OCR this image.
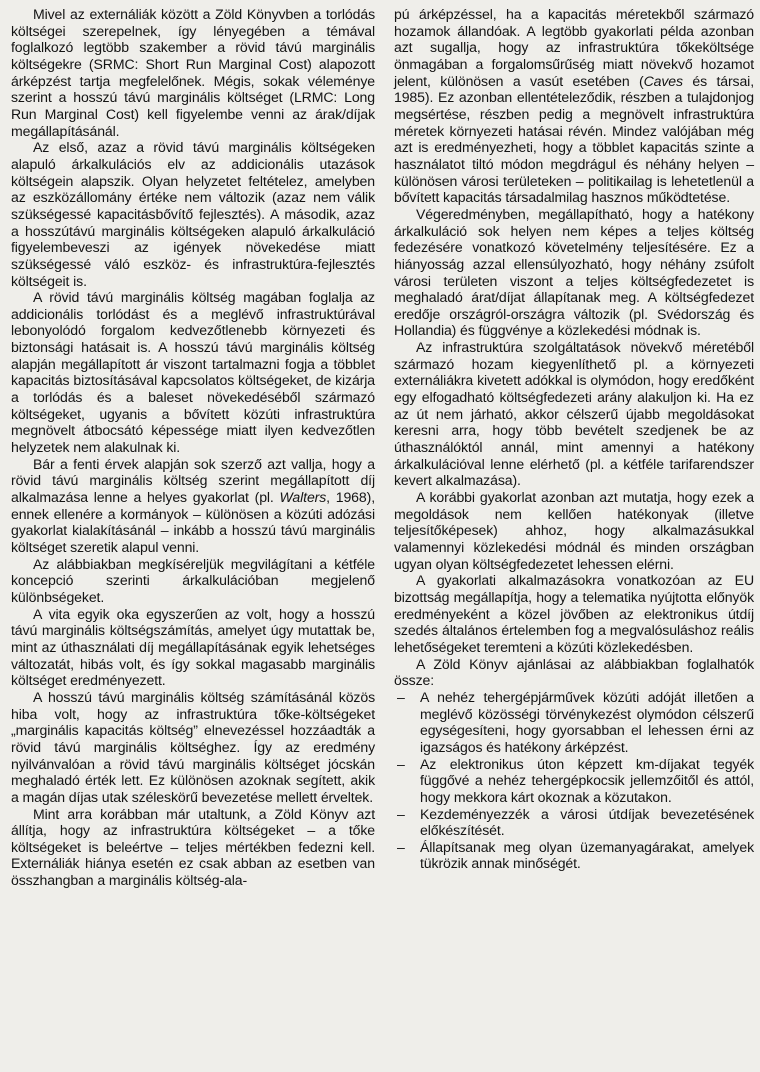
Mivel az externáliák között a Zöld Könyvben a torlódás költségei szerepelnek, így lényegében a témával foglalkozó legtöbb szakember a rövid távú marginális költségekre (SRMC: Short Run Marginal Cost) alapozott árképzést tartja megfelelőnek. Mégis, sokak véleménye szerint a hosszú távú marginális költséget (LRMC: Long Run Marginal Cost) kell figyelembe venni az árak/díjak megállapításánál.

Az első, azaz a rövid távú marginális költségeken alapuló árkalkulációs elv az addicionális utazások költségein alapszik. Olyan helyzetet feltételez, amelyben az eszközállomány értéke nem változik (azaz nem válik szükségessé kapacitásbővítő fejlesztés). A második, azaz a hosszútávú marginális költségeken alapuló árkalkuláció figyelembeveszi az igények növekedése miatt szükségessé váló eszköz- és infrastruktúra-fejlesztés költségeit is.

A rövid távú marginális költség magában foglalja az addicionális torlódást és a meglévő infrastruktúrával lebonyolódó forgalom kedvezőtlenebb környezeti és biztonsági hatásait is. A hosszú távú marginális költség alapján megállapított ár viszont tartalmazni fogja a többlet kapacitás biztosításával kapcsolatos költségeket, de kizárja a torlódás és a baleset növekedéséből származó költségeket, ugyanis a bővített közúti infrastruktúra megnövelt átbocsátó képessége miatt ilyen kedvezőtlen helyzetek nem alakulnak ki.

Bár a fenti érvek alapján sok szerző azt vallja, hogy a rövid távú marginális költség szerint megállapított díj alkalmazása lenne a helyes gyakorlat (pl. Walters, 1968), ennek ellenére a kormányok – különösen a közúti adózási gyakorlat kialakításánál – inkább a hosszú távú marginális költséget szeretik alapul venni.

Az alábbiakban megkíséreljük megvilágítani a kétféle koncepció szerinti árkalkulációban megjelenő különbségeket.

A vita egyik oka egyszerűen az volt, hogy a hosszú távú marginális költségszámítás, amelyet úgy mutattak be, mint az úthasználati díj megállapításának egyik lehetséges változatát, hibás volt, és így sokkal magasabb marginális költséget eredményezett.

A hosszú távú marginális költség számításánál közös hiba volt, hogy az infrastruktúra tőke-költségeket „marginális kapacitás költség” elnevezéssel hozzáadták a rövid távú marginális költséghez. Így az eredmény nyilvánvalóan a rövid távú marginális költséget jócskán meghaladó érték lett. Ez különösen azoknak segített, akik a magán díjas utak széleskörű bevezetése mellett érveltek.

Mint arra korábban már utaltunk, a Zöld Könyv azt állítja, hogy az infrastruktúra költségeket – a tőke költségeket is beleértve – teljes mértékben fedezni kell. Externáliák hiánya esetén ez csak abban az esetben van összhangban a marginális költség-ala-

pú árképzéssel, ha a kapacitás méretekből származó hozamok állandóak. A legtöbb gyakorlati példa azonban azt sugallja, hogy az infrastruktúra tőkeköltsége önmagában a forgalomsűrűség miatt növekvő hozamot jelent, különösen a vasút esetében (Caves és társai, 1985). Ez azonban ellentételeződik, részben a tulajdonjog megsértése, részben pedig a megnövelt infrastruktúra méretek környezeti hatásai révén. Mindez valójában még azt is eredményezheti, hogy a többlet kapacitás szinte a használatot tiltó módon megdrágul és néhány helyen – különösen városi területeken – politikailag is lehetetlenül a bővített kapacitás társadalmilag hasznos működtetése.

Végeredményben, megállapítható, hogy a hatékony árkalkuláció sok helyen nem képes a teljes költség fedezésére vonatkozó követelmény teljesítésére. Ez a hiányosság azzal ellensúlyozható, hogy néhány zsúfolt városi területen viszont a teljes költségfedezetet is meghaladó árat/díjat állapítanak meg. A költségfedezet eredője országról-országra változik (pl. Svédország és Hollandia) és függvénye a közlekedési módnak is.

Az infrastruktúra szolgáltatások növekvő méretéből származó hozam kiegyenlíthető pl. a környezeti externáliákra kivetett adókkal is olymódon, hogy eredőként egy elfogadható költségfedezeti arány alakuljon ki. Ha ez az út nem járható, akkor célszerű újabb megoldásokat keresni arra, hogy több bevételt szedjenek be az úthasználóktól annál, mint amennyi a hatékony árkalkulációval lenne elérhető (pl. a kétféle tarifarendszer kevert alkalmazása).

A korábbi gyakorlat azonban azt mutatja, hogy ezek a megoldások nem kellően hatékonyak (illetve teljesítőképesek) ahhoz, hogy alkalmazásukkal valamennyi közlekedési módnál és minden országban ugyan olyan költségfedezetet lehessen elérni.

A gyakorlati alkalmazásokra vonatkozóan az EU bizottság megállapítja, hogy a telematika nyújtotta előnyök eredményeként a közel jövőben az elektronikus útdíj szedés általános értelemben fog a megvalósuláshoz reális lehetőségeket teremteni a közúti közlekedésben.

A Zöld Könyv ajánlásai az alábbiakban foglalhatók össze:

– A nehéz tehergépjárművek közúti adóját illetően a meglévő közösségi törvénykezést olymódon célszerű egységesíteni, hogy gyorsabban el lehessen érni az igazságos és hatékony árképzést.
– Az elektronikus úton képzett km-díjakat tegyék függővé a nehéz tehergépkocsik jellemzőitől és attól, hogy mekkora kárt okoznak a közutakon.
– Kezdeményezzék a városi útdíjak bevezetésének előkészítését.
– Állapítsanak meg olyan üzemanyagárakat, amelyek tükrözik annak minőségét.
